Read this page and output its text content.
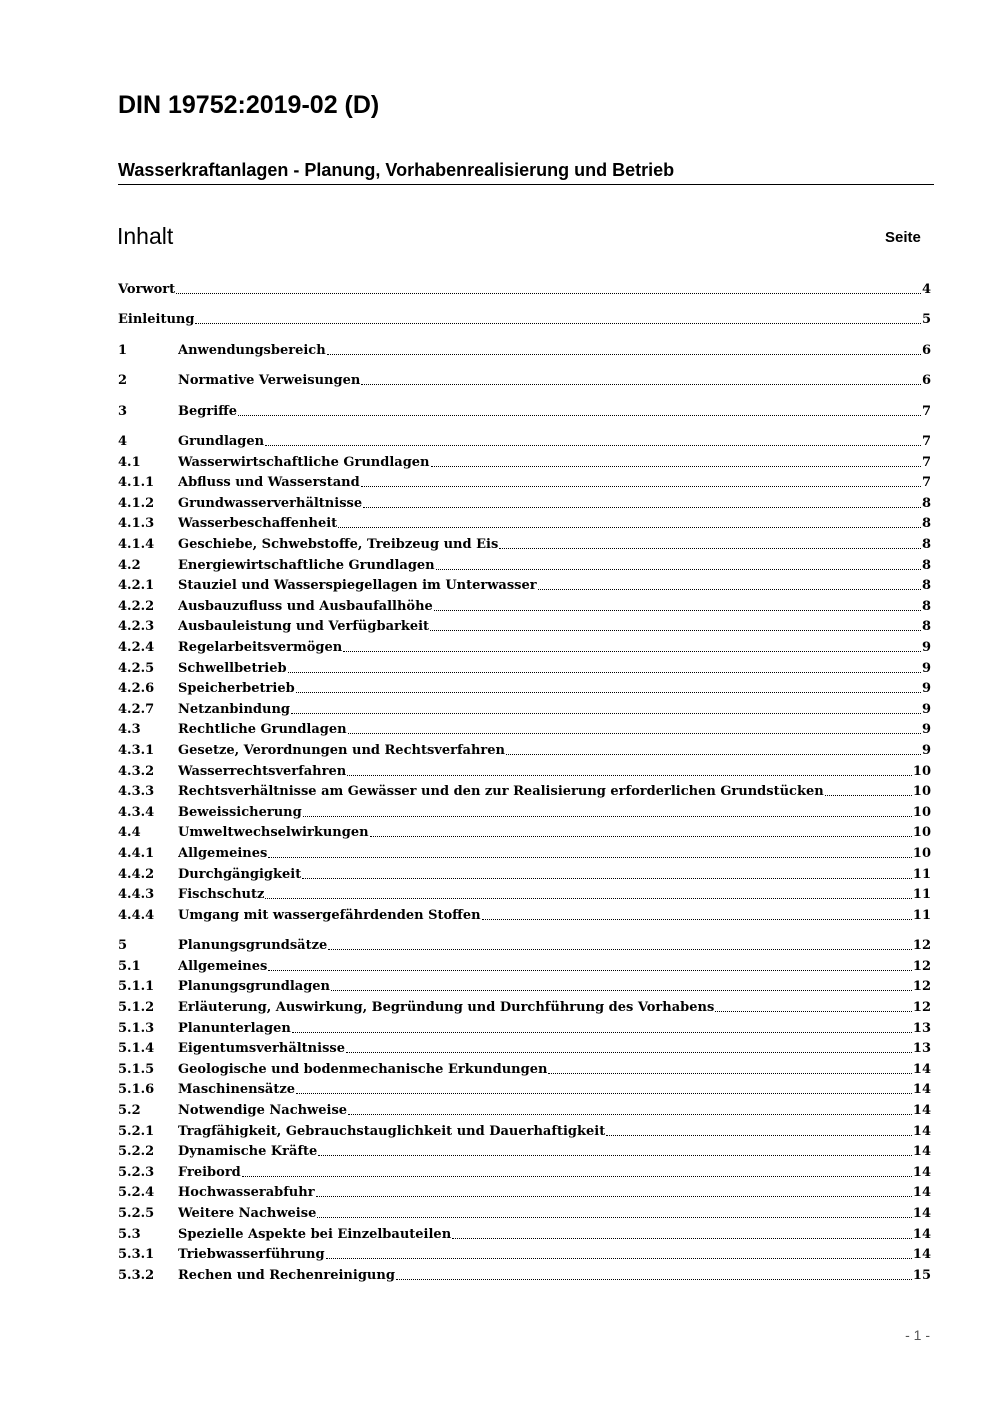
DIN 19752:2019-02 (D)
Wasserkraftanlagen - Planung, Vorhabenrealisierung und Betrieb
Inhalt	Seite
Vorwort	4
Einleitung	5
1	Anwendungsbereich	6
2	Normative Verweisungen	6
3	Begriffe	7
4	Grundlagen	7
4.1	Wasserwirtschaftliche Grundlagen	7
4.1.1	Abfluss und Wasserstand	7
4.1.2	Grundwasserverhältnisse	8
4.1.3	Wasserbeschaffenheit	8
4.1.4	Geschiebe, Schwebstoffe, Treibzeug und Eis	8
4.2	Energiewirtschaftliche Grundlagen	8
4.2.1	Stauziel und Wasserspiegellagen im Unterwasser	8
4.2.2	Ausbauzufluss und Ausbaufallhöhe	8
4.2.3	Ausbauleistung und Verfügbarkeit	8
4.2.4	Regelarbeitsvermögen	9
4.2.5	Schwellbetrieb	9
4.2.6	Speicherbetrieb	9
4.2.7	Netzanbindung	9
4.3	Rechtliche Grundlagen	9
4.3.1	Gesetze, Verordnungen und Rechtsverfahren	9
4.3.2	Wasserrechtsverfahren	10
4.3.3	Rechtsverhältnisse am Gewässer und den zur Realisierung erforderlichen Grundstücken	10
4.3.4	Beweissicherung	10
4.4	Umweltwechselwirkungen	10
4.4.1	Allgemeines	10
4.4.2	Durchgängigkeit	11
4.4.3	Fischschutz	11
4.4.4	Umgang mit wassergefährdenden Stoffen	11
5	Planungsgrundsätze	12
5.1	Allgemeines	12
5.1.1	Planungsgrundlagen	12
5.1.2	Erläuterung, Auswirkung, Begründung und Durchführung des Vorhabens	12
5.1.3	Planunterlagen	13
5.1.4	Eigentumsverhältnisse	13
5.1.5	Geologische und bodenmechanische Erkundungen	14
5.1.6	Maschinensätze	14
5.2	Notwendige Nachweise	14
5.2.1	Tragfähigkeit, Gebrauchstauglichkeit und Dauerhaftigkeit	14
5.2.2	Dynamische Kräfte	14
5.2.3	Freibord	14
5.2.4	Hochwasserabfuhr	14
5.2.5	Weitere Nachweise	14
5.3	Spezielle Aspekte bei Einzelbauteilen	14
5.3.1	Triebwasserführung	14
5.3.2	Rechen und Rechenreinigung	15
- 1 -
